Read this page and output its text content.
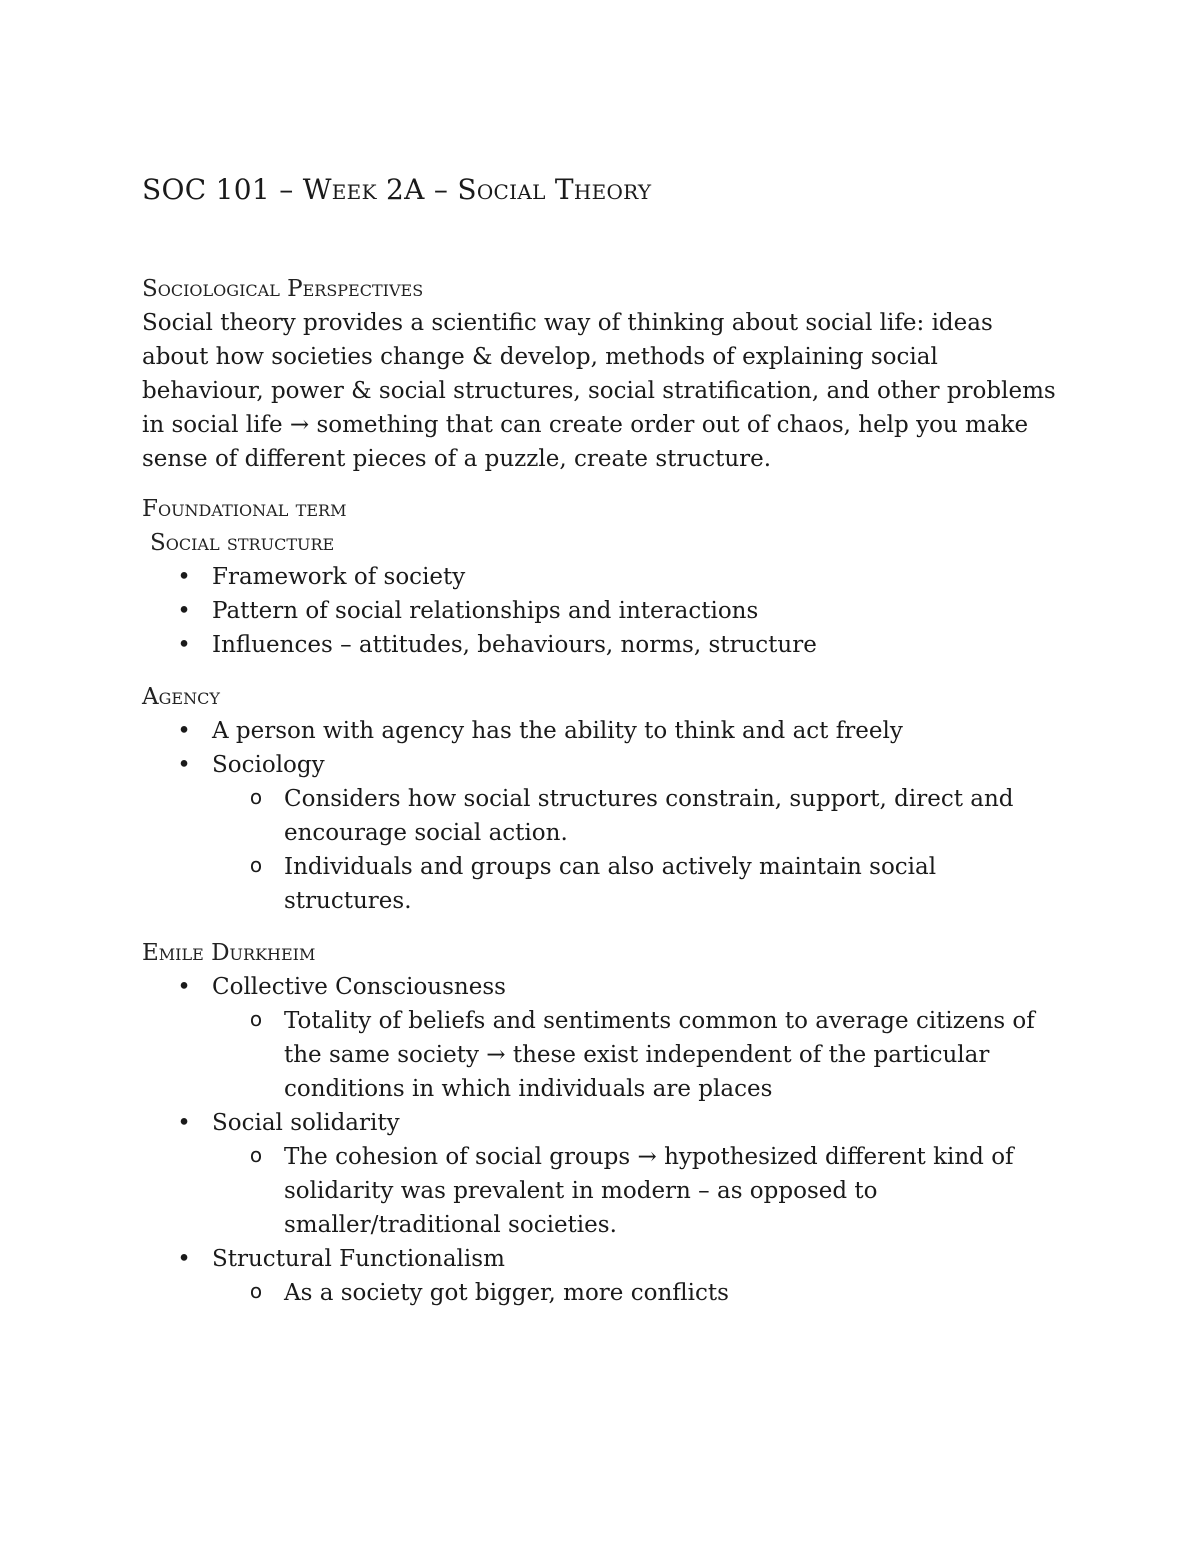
SOC 101 – Week 2A – Social Theory
Sociological Perspectives

Social theory provides a scientific way of thinking about social life: ideas about how societies change & develop, methods of explaining social behaviour, power & social structures, social stratification, and other problems in social life → something that can create order out of chaos, help you make sense of different pieces of a puzzle, create structure.

Foundational term
Social structure
• Framework of society
• Pattern of social relationships and interactions
• Influences – attitudes, behaviours, norms, structure
Agency
• A person with agency has the ability to think and act freely
• Sociology
o Considers how social structures constrain, support, direct and encourage social action.
o Individuals and groups can also actively maintain social structures.
Emile Durkheim
• Collective Consciousness
o Totality of beliefs and sentiments common to average citizens of the same society → these exist independent of the particular conditions in which individuals are places
• Social solidarity
o The cohesion of social groups → hypothesized different kind of solidarity was prevalent in modern – as opposed to smaller/traditional societies.
• Structural Functionalism
o As a society got bigger, more conflicts
